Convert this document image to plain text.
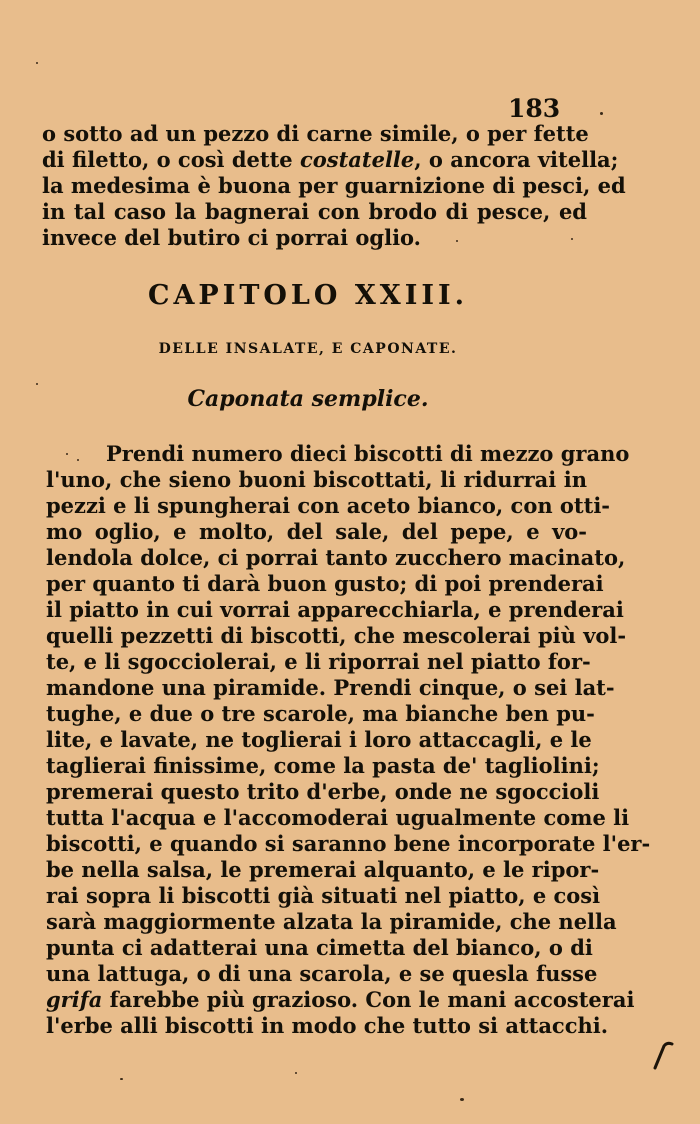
183
o sotto ad un pezzo di carne simile, o per fette
di filetto, o così dette costatelle, o ancora vitella;
la medesima è buona per guarnizione di pesci, ed
in tal caso la bagnerai con brodo di pesce, ed
invece del butiro ci porrai oglio.
CAPITOLO XXIII.
DELLE INSALATE, E CAPONATE.
Caponata semplice.
Prendi numero dieci biscotti di mezzo grano
l'uno, che sieno buoni biscottati, li ridurrai in
pezzi e li spungherai con aceto bianco, con otti-
mo oglio, e molto, del sale, del pepe, e vo-
lendola dolce, ci porrai tanto zucchero macinato,
per quanto ti darà buon gusto; di poi prenderai
il piatto in cui vorrai apparecchiarla, e prenderai
quelli pezzetti di biscotti, che mescolerai più vol-
te, e li sgocciolerai, e li riporrai nel piatto for-
mandone una piramide. Prendi cinque, o sei lat-
tughe, e due o tre scarole, ma bianche ben pu-
lite, e lavate, ne toglierai i loro attaccagli, e le
taglierai finissime, come la pasta de' tagliolini;
premerai questo trito d'erbe, onde ne sgoccioli
tutta l'acqua e l'accomoderai ugualmente come li
biscotti, e quando si saranno bene incorporate l'er-
be nella salsa, le premerai alquanto, e le ripor-
rai sopra li biscotti già situati nel piatto, e così
sarà maggiormente alzata la piramide, che nella
punta ci adatterai una cimetta del bianco, o di
una lattuga, o di una scarola, e se quesla fusse
grifa farebbe più grazioso. Con le mani accosterai
l'erbe alli biscotti in modo che tutto si attacchi.
